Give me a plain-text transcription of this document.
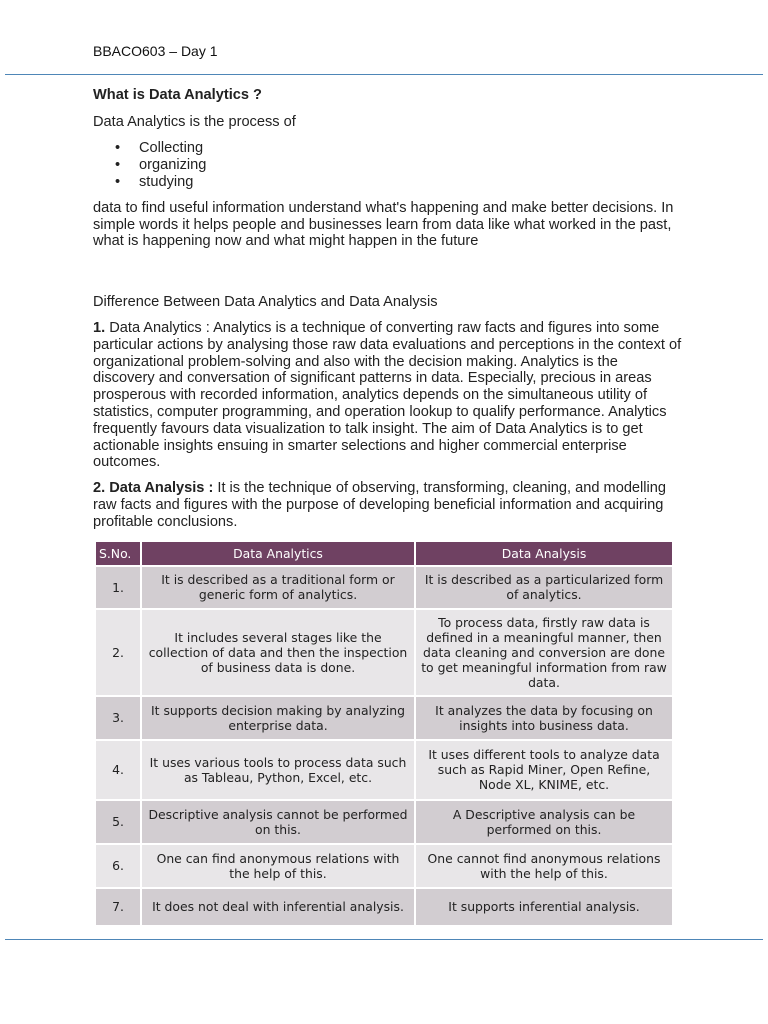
BBACO603 – Day 1

What is Data Analytics ?

Data Analytics is the process of

• Collecting
• organizing
• studying

data to find useful information understand what's happening and make better decisions. In simple words it helps people and businesses learn from data like what worked in the past, what is happening now and what might happen in the future

Difference Between Data Analytics and Data Analysis

1. Data Analytics : Analytics is a technique of converting raw facts and figures into some particular actions by analysing those raw data evaluations and perceptions in the context of organizational problem-solving and also with the decision making. Analytics is the discovery and conversation of significant patterns in data. Especially, precious in areas prosperous with recorded information, analytics depends on the simultaneous utility of statistics, computer programming, and operation lookup to qualify performance. Analytics frequently favours data visualization to talk insight. The aim of Data Analytics is to get actionable insights ensuing in smarter selections and higher commercial enterprise outcomes.

2. Data Analysis : It is the technique of observing, transforming, cleaning, and modelling raw facts and figures with the purpose of developing beneficial information and acquiring profitable conclusions.

S.No.	Data Analytics	Data Analysis
1.	It is described as a traditional form or generic form of analytics.	It is described as a particularized form of analytics.
2.	It includes several stages like the collection of data and then the inspection of business data is done.	To process data, firstly raw data is defined in a meaningful manner, then data cleaning and conversion are done to get meaningful information from raw data.
3.	It supports decision making by analyzing enterprise data.	It analyzes the data by focusing on insights into business data.
4.	It uses various tools to process data such as Tableau, Python, Excel, etc.	It uses different tools to analyze data such as Rapid Miner, Open Refine, Node XL, KNIME, etc.
5.	Descriptive analysis cannot be performed on this.	A Descriptive analysis can be performed on this.
6.	One can find anonymous relations with the help of this.	One cannot find anonymous relations with the help of this.
7.	It does not deal with inferential analysis.	It supports inferential analysis.
